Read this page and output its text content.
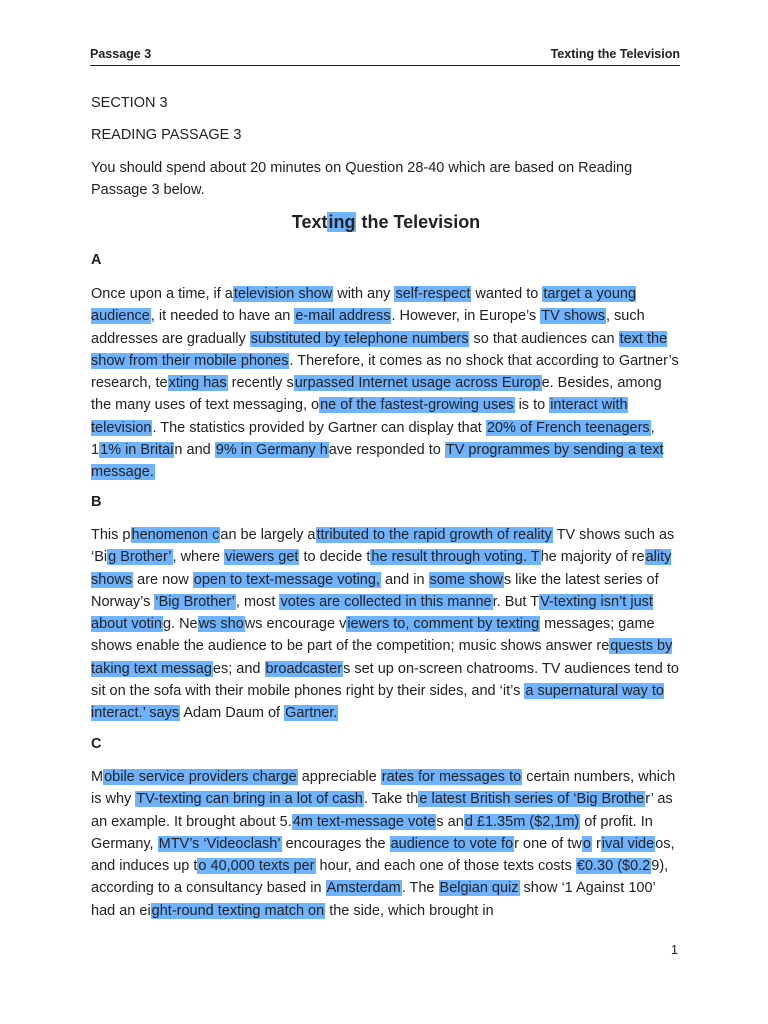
Passage 3	Texting the Television
SECTION 3
READING PASSAGE 3
You should spend about 20 minutes on Question 28-40 which are based on Reading Passage 3 below.
Texting the Television
A
Once upon a time, if atelevision show with any self-respect wanted to target a young audience, it needed to have an e-mail address. However, in Europe’s TV shows, such addresses are gradually substituted by telephone numbers so that audiences can text the show from their mobile phones. Therefore, it comes as no shock that according to Gartner’s research, texting has recently surpassed Internet usage across Europe. Besides, among the many uses of text messaging, one of the fastest-growing uses is to interact with television. The statistics provided by Gartner can display that 20% of French teenagers, 11% in Britain and 9% in Germany have responded to TV programmes by sending a text message.
B
This phenomenon can be largely attributed to the rapid growth of reality TV shows such as ‘Big Brother’, where viewers get to decide the result through voting. The majority of reality shows are now open to text-message voting, and in some shows like the latest series of Norway’s ‘Big Brother’, most votes are collected in this manner. But TV-texting isn’t just about voting. News shows encourage viewers to, comment by texting messages; game shows enable the audience to be part of the competition; music shows answer requests by taking text messages; and broadcasters set up on-screen chatrooms. TV audiences tend to sit on the sofa with their mobile phones right by their sides, and ‘it’s a supernatural way to interact.’ says Adam Daum of Gartner.
C
Mobile service providers charge appreciable rates for messages to certain numbers, which is why TV-texting can bring in a lot of cash. Take the latest British series of ‘Big Brother’ as an example. It brought about 5.4m text-message votes and £1.35m ($2,1m) of profit. In Germany, MTV’s ‘Videoclash’ encourages the audience to vote for one of two rival videos, and induces up to 40,000 texts per hour, and each one of those texts costs €0.30 ($0.29), according to a consultancy based in Amsterdam. The Belgian quiz show ‘1 Against 100’ had an eight-round texting match on the side, which brought in
1
